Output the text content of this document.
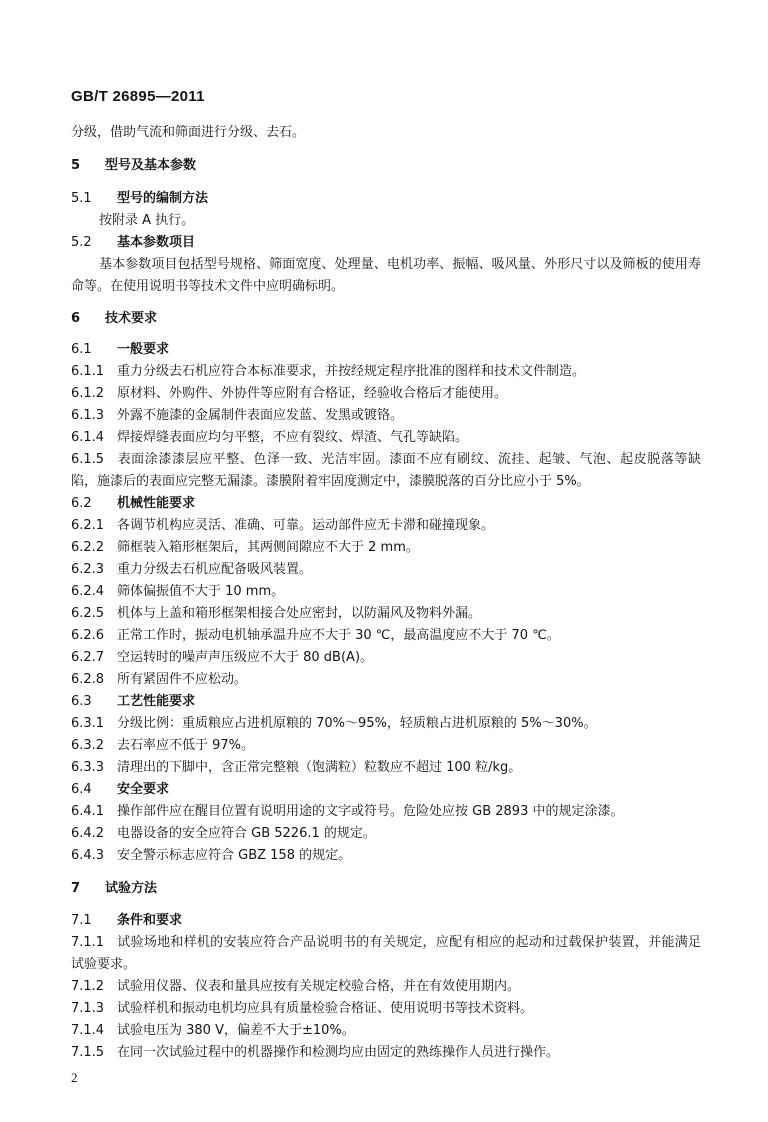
GB/T 26895—2011
分级，借助气流和筛面进行分级、去石。
5 型号及基本参数
5.1 型号的编制方法
按附录 A 执行。
5.2 基本参数项目
基本参数项目包括型号规格、筛面宽度、处理量、电机功率、振幅、吸风量、外形尺寸以及筛板的使用寿命等。在使用说明书等技术文件中应明确标明。
6 技术要求
6.1 一般要求
6.1.1 重力分级去石机应符合本标准要求，并按经规定程序批准的图样和技术文件制造。
6.1.2 原材料、外购件、外协件等应附有合格证，经验收合格后才能使用。
6.1.3 外露不施漆的金属制件表面应发蓝、发黑或镀铬。
6.1.4 焊接焊缝表面应均匀平整，不应有裂纹、焊渣、气孔等缺陷。
6.1.5 表面涂漆漆层应平整、色泽一致、光洁牢固。漆面不应有刷纹、流挂、起皱、气泡、起皮脱落等缺陷，施漆后的表面应完整无漏漆。漆膜附着牢固度测定中，漆膜脱落的百分比应小于 5%。
6.2 机械性能要求
6.2.1 各调节机构应灵活、准确、可靠。运动部件应无卡滞和碰撞现象。
6.2.2 筛框装入箱形框架后，其两侧间隙应不大于 2 mm。
6.2.3 重力分级去石机应配备吸风装置。
6.2.4 筛体偏振值不大于 10 mm。
6.2.5 机体与上盖和箱形框架相接合处应密封，以防漏风及物料外漏。
6.2.6 正常工作时，振动电机轴承温升应不大于 30 ℃，最高温度应不大于 70 ℃。
6.2.7 空运转时的噪声声压级应不大于 80 dB(A)。
6.2.8 所有紧固件不应松动。
6.3 工艺性能要求
6.3.1 分级比例：重质粮应占进机原粮的 70%～95%，轻质粮占进机原粮的 5%～30%。
6.3.2 去石率应不低于 97%。
6.3.3 清理出的下脚中，含正常完整粮（饱满粒）粒数应不超过 100 粒/kg。
6.4 安全要求
6.4.1 操作部件应在醒目位置有说明用途的文字或符号。危险处应按 GB 2893 中的规定涂漆。
6.4.2 电器设备的安全应符合 GB 5226.1 的规定。
6.4.3 安全警示标志应符合 GBZ 158 的规定。
7 试验方法
7.1 条件和要求
7.1.1 试验场地和样机的安装应符合产品说明书的有关规定，应配有相应的起动和过载保护装置，并能满足试验要求。
7.1.2 试验用仪器、仪表和量具应按有关规定校验合格，并在有效使用期内。
7.1.3 试验样机和振动电机均应具有质量检验合格证、使用说明书等技术资料。
7.1.4 试验电压为 380 V，偏差不大于±10%。
7.1.5 在同一次试验过程中的机器操作和检测均应由固定的熟练操作人员进行操作。
2
